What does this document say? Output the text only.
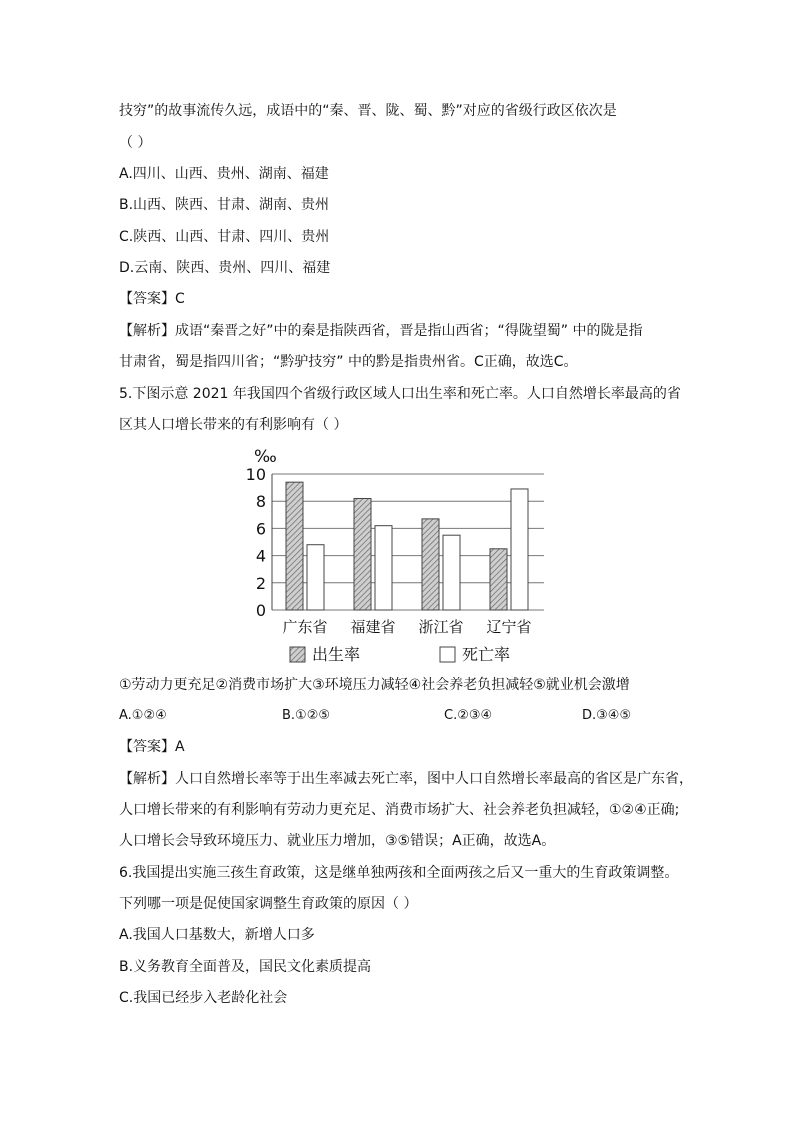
技穷”的故事流传久远，成语中的“秦、晋、陇、蜀、黔”对应的省级行政区依次是
（ ）
A.四川、山西、贵州、湖南、福建
B.山西、陕西、甘肃、湖南、贵州
C.陕西、山西、甘肃、四川、贵州
D.云南、陕西、贵州、四川、福建
【答案】C
【解析】成语“秦晋之好”中的秦是指陕西省，晋是指山西省；“得陇望蜀” 中的陇是指
甘肃省，蜀是指四川省；“黔驴技穷” 中的黔是指贵州省。C正确，故选C。
5.下图示意 2021 年我国四个省级行政区域人口出生率和死亡率。人口自然增长率最高的省
区其人口增长带来的有利影响有（ ）
‰
0
2
4
6
8
10
广东省 福建省 浙江省 辽宁省
出生率	死亡率
①劳动力更充足②消费市场扩大③环境压力减轻④社会养老负担减轻⑤就业机会激增
A.①②④	B.①②⑤	C.②③④	D.③④⑤
【答案】A
【解析】人口自然增长率等于出生率减去死亡率，图中人口自然增长率最高的省区是广东省，
人口增长带来的有利影响有劳动力更充足、消费市场扩大、社会养老负担减轻，①②④正确;
人口增长会导致环境压力、就业压力增加，③⑤错误；A正确，故选A。
6.我国提出实施三孩生育政策，这是继单独两孩和全面两孩之后又一重大的生育政策调整。
下列哪一项是促使国家调整生育政策的原因（ ）
A.我国人口基数大，新增人口多
B.义务教育全面普及，国民文化素质提高
C.我国已经步入老龄化社会
